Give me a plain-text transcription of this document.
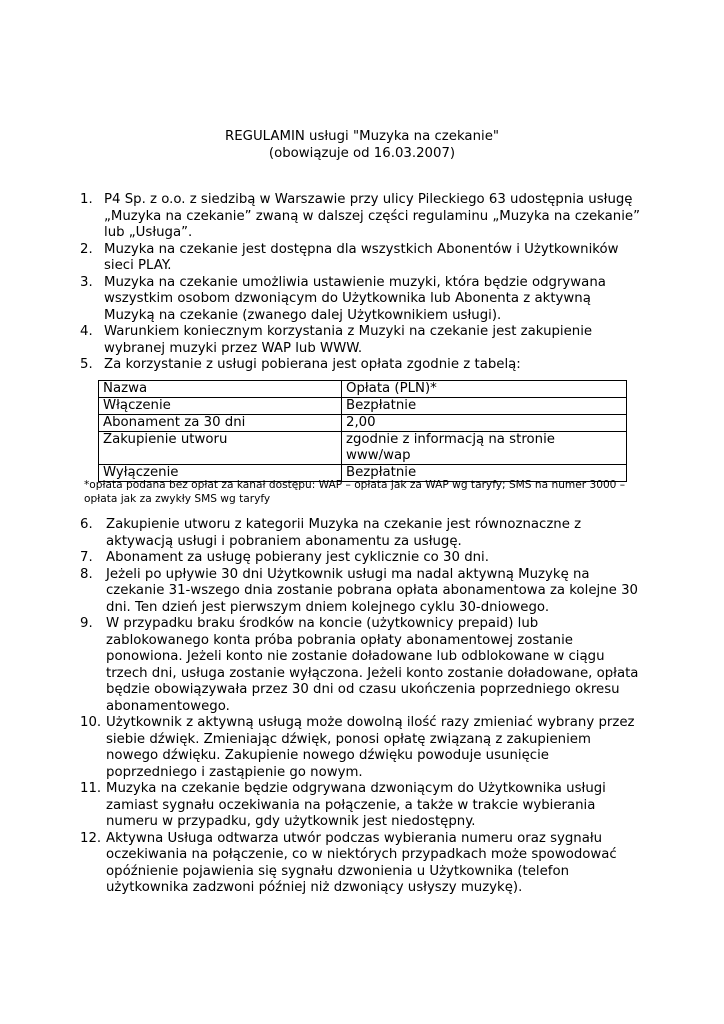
REGULAMIN usługi "Muzyka na czekanie"
(obowiązuje od 16.03.2007)
1. P4 Sp. z o.o. z siedzibą w Warszawie przy ulicy Pileckiego 63 udostępnia usługę „Muzyka na czekanie” zwaną w dalszej części regulaminu „Muzyka na czekanie” lub „Usługa”.
2. Muzyka na czekanie jest dostępna dla wszystkich Abonentów i Użytkowników sieci PLAY.
3. Muzyka na czekanie umożliwia ustawienie muzyki, która będzie odgrywana wszystkim osobom dzwoniącym do Użytkownika lub Abonenta z aktywną Muzyką na czekanie (zwanego dalej Użytkownikiem usługi).
4. Warunkiem koniecznym korzystania z Muzyki na czekanie jest zakupienie wybranej muzyki przez WAP lub WWW.
5. Za korzystanie z usługi pobierana jest opłata zgodnie z tabelą:
Nazwa	Opłata (PLN)*
Włączenie	Bezpłatnie
Abonament za 30 dni	2,00
Zakupienie utworu	zgodnie z informacją na stronie www/wap
Wyłączenie	Bezpłatnie
*opłata podana bez opłat za kanał dostępu: WAP – opłata jak za WAP wg taryfy; SMS na numer 3000 – opłata jak za zwykły SMS wg taryfy
6. Zakupienie utworu z kategorii Muzyka na czekanie jest równoznaczne z aktywacją usługi i pobraniem abonamentu za usługę.
7. Abonament za usługę pobierany jest cyklicznie co 30 dni.
8. Jeżeli po upływie 30 dni Użytkownik usługi ma nadal aktywną Muzykę na czekanie 31-wszego dnia zostanie pobrana opłata abonamentowa za kolejne 30 dni. Ten dzień jest pierwszym dniem kolejnego cyklu 30-dniowego.
9. W przypadku braku środków na koncie (użytkownicy prepaid) lub zablokowanego konta próba pobrania opłaty abonamentowej zostanie ponowiona. Jeżeli konto nie zostanie doładowane lub odblokowane w ciągu trzech dni, usługa zostanie wyłączona. Jeżeli konto zostanie doładowane, opłata będzie obowiązywała przez 30 dni od czasu ukończenia poprzedniego okresu abonamentowego.
10. Użytkownik z aktywną usługą może dowolną ilość razy zmieniać wybrany przez siebie dźwięk. Zmieniając dźwięk, ponosi opłatę związaną z zakupieniem nowego dźwięku. Zakupienie nowego dźwięku powoduje usunięcie poprzedniego i zastąpienie go nowym.
11. Muzyka na czekanie będzie odgrywana dzwoniącym do Użytkownika usługi zamiast sygnału oczekiwania na połączenie, a także w trakcie wybierania numeru w przypadku, gdy użytkownik jest niedostępny.
12. Aktywna Usługa odtwarza utwór podczas wybierania numeru oraz sygnału oczekiwania na połączenie, co w niektórych przypadkach może spowodować opóźnienie pojawienia się sygnału dzwonienia u Użytkownika (telefon użytkownika zadzwoni później niż dzwoniący usłyszy muzykę).
